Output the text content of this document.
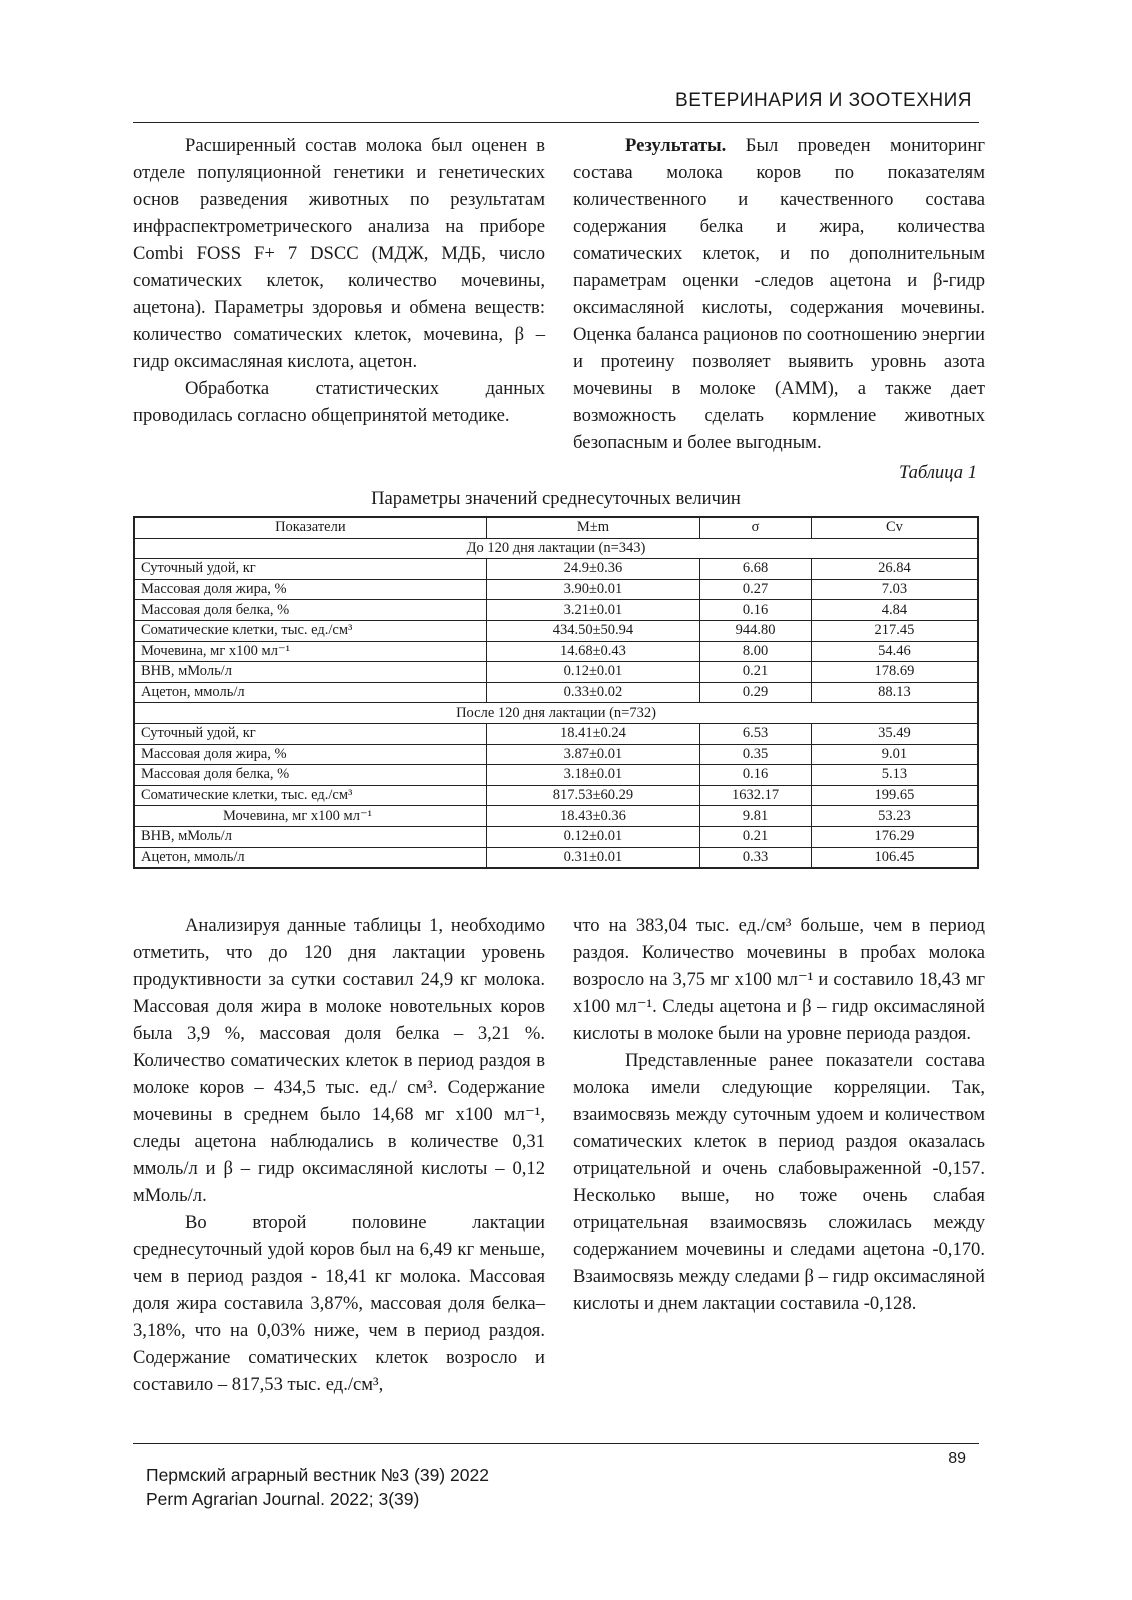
ВЕТЕРИНАРИЯ И ЗООТЕХНИЯ

Расширенный состав молока был оценен в отделе популяционной генетики и генетических основ разведения животных по результатам инфраспектрометрического анализа на приборе Combi FOSS F+ 7 DSCC (МДЖ, МДБ, число соматических клеток, количество мочевины, ацетона). Параметры здоровья и обмена веществ: количество соматических клеток, мочевина, β – гидр оксимасляная кислота, ацетон.

Обработка статистических данных проводилась согласно общепринятой методике.

Результаты. Был проведен мониторинг состава молока коров по показателям количественного и качественного состава содержания белка и жира, количества соматических клеток, и по дополнительным параметрам оценки -следов ацетона и β-гидр оксимасляной кислоты, содержания мочевины. Оценка баланса рационов по соотношению энергии и протеину позволяет выявить уровнь азота мочевины в молоке (АММ), а также дает возможность сделать кормление животных безопасным и более выгодным.

Таблица 1
Параметры значений среднесуточных величин
Показатели	M±m	σ	Cv
До 120 дня лактации (n=343)			
Суточный удой, кг	24.9±0.36	6.68	26.84
Массовая доля жира, %	3.90±0.01	0.27	7.03
Массовая доля белка, %	3.21±0.01	0.16	4.84
Соматические клетки, тыс. ед./см³	434.50±50.94	944.80	217.45
Мочевина, мг х100 мл⁻¹	14.68±0.43	8.00	54.46
BHB, мМоль/л	0.12±0.01	0.21	178.69
Ацетон, ммоль/л	0.33±0.02	0.29	88.13
После 120 дня лактации (n=732)			
Суточный удой, кг	18.41±0.24	6.53	35.49
Массовая доля жира, %	3.87±0.01	0.35	9.01
Массовая доля белка, %	3.18±0.01	0.16	5.13
Соматические клетки, тыс. ед./см³	817.53±60.29	1632.17	199.65
Мочевина, мг х100 мл⁻¹	18.43±0.36	9.81	53.23
BHB, мМоль/л	0.12±0.01	0.21	176.29
Ацетон, ммоль/л	0.31±0.01	0.33	106.45

Анализируя данные таблицы 1, необходимо отметить, что до 120 дня лактации уровень продуктивности за сутки составил 24,9 кг молока. Массовая доля жира в молоке новотельных коров была 3,9 %, массовая доля белка – 3,21 %. Количество соматических клеток в период раздоя в молоке коров – 434,5 тыс. ед./ см³. Содержание мочевины в среднем было 14,68 мг х100 мл⁻¹, следы ацетона наблюдались в количестве 0,31 ммоль/л и β – гидр оксимасляной кислоты – 0,12 мМоль/л.

Во второй половине лактации среднесуточный удой коров был на 6,49 кг меньше, чем в период раздоя - 18,41 кг молока. Массовая доля жира составила 3,87%, массовая доля белка– 3,18%, что на 0,03% ниже, чем в период раздоя. Содержание соматических клеток возросло и составило – 817,53 тыс. ед./см³,

что на 383,04 тыс. ед./см³ больше, чем в период раздоя. Количество мочевины в пробах молока возросло на 3,75 мг х100 мл⁻¹ и составило 18,43 мг х100 мл⁻¹. Следы ацетона и β – гидр оксимасляной кислоты в молоке были на уровне периода раздоя.

Представленные ранее показатели состава молока имели следующие корреляции. Так, взаимосвязь между суточным удоем и количеством соматических клеток в период раздоя оказалась отрицательной и очень слабовыраженной -0,157. Несколько выше, но тоже очень слабая отрицательная взаимосвязь сложилась между содержанием мочевины и следами ацетона -0,170. Взаимосвязь между следами β – гидр оксимасляной кислоты и днем лактации составила -0,128.

89
Пермский аграрный вестник №3 (39) 2022
Perm Agrarian Journal. 2022; 3(39)
